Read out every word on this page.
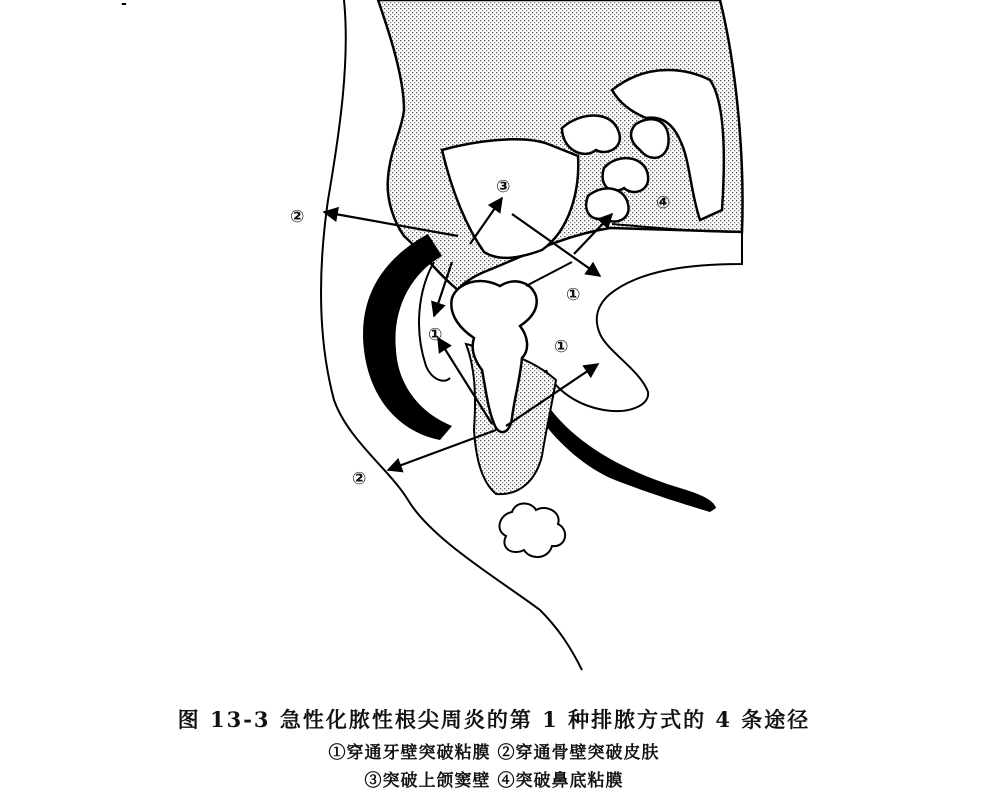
-
②
③
④
①
①
①
②
图 13-3 急性化脓性根尖周炎的第 1 种排脓方式的 4 条途径
①穿通牙壁突破粘膜 ②穿通骨壁突破皮肤
③突破上颌窦壁 ④突破鼻底粘膜
